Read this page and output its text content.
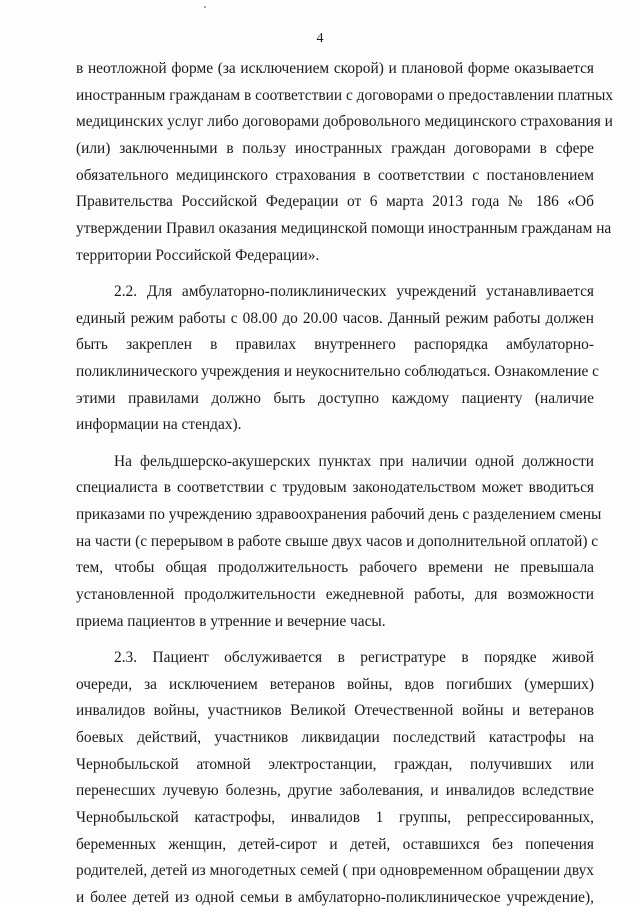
4
в неотложной форме (за исключением скорой) и плановой форме оказывается
иностранным гражданам в соответствии с договорами о предоставлении платных
медицинских услуг либо договорами добровольного медицинского страхования и
(или) заключенными в пользу иностранных граждан договорами в сфере
обязательного медицинского страхования в соответствии с постановлением
Правительства Российской Федерации от 6 марта 2013 года № 186 «Об
утверждении Правил оказания медицинской помощи иностранным гражданам на
территории Российской Федерации».
2.2. Для амбулаторно-поликлинических учреждений устанавливается
единый режим работы с 08.00 до 20.00 часов. Данный режим работы должен
быть закреплен в правилах внутреннего распорядка амбулаторно-
поликлинического учреждения и неукоснительно соблюдаться. Ознакомление с
этими правилами должно быть доступно каждому пациенту (наличие
информации на стендах).
На фельдшерско-акушерских пунктах при наличии одной должности
специалиста в соответствии с трудовым законодательством может вводиться
приказами по учреждению здравоохранения рабочий день с разделением смены
на части (с перерывом в работе свыше двух часов и дополнительной оплатой) с
тем, чтобы общая продолжительность рабочего времени не превышала
установленной продолжительности ежедневной работы, для возможности
приема пациентов в утренние и вечерние часы.
2.3. Пациент обслуживается в регистратуре в порядке живой
очереди, за исключением ветеранов войны, вдов погибших (умерших)
инвалидов войны, участников Великой Отечественной войны и ветеранов
боевых действий, участников ликвидации последствий катастрофы на
Чернобыльской атомной электростанции, граждан, получивших или
перенесших лучевую болезнь, другие заболевания, и инвалидов вследствие
Чернобыльской катастрофы, инвалидов 1 группы, репрессированных,
беременных женщин, детей-сирот и детей, оставшихся без попечения
родителей, детей из многодетных семей ( при одновременном обращении двух
и более детей из одной семьи в амбулаторно-поликлиническое учреждение),
